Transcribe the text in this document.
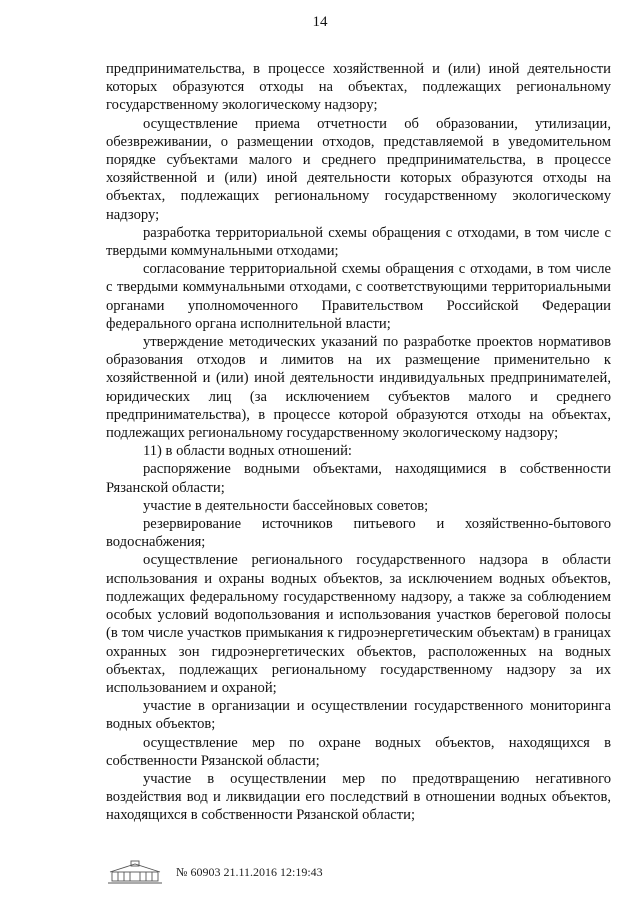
14

предпринимательства, в процессе хозяйственной и (или) иной деятельности которых образуются отходы на объектах, подлежащих региональному государственному экологическому надзору;

осуществление приема отчетности об образовании, утилизации, обезвреживании, о размещении отходов, представляемой в уведомительном порядке субъектами малого и среднего предпринимательства, в процессе хозяйственной и (или) иной деятельности которых образуются отходы на объектах, подлежащих региональному государственному экологическому надзору;

разработка территориальной схемы обращения с отходами, в том числе с твердыми коммунальными отходами;

согласование территориальной схемы обращения с отходами, в том числе с твердыми коммунальными отходами, с соответствующими территориальными органами уполномоченного Правительством Российской Федерации федерального органа исполнительной власти;

утверждение методических указаний по разработке проектов нормативов образования отходов и лимитов на их размещение применительно к хозяйственной и (или) иной деятельности индивидуальных предпринимателей, юридических лиц (за исключением субъектов малого и среднего предпринимательства), в процессе которой образуются отходы на объектах, подлежащих региональному государственному экологическому надзору;

11) в области водных отношений:

распоряжение водными объектами, находящимися в собственности Рязанской области;

участие в деятельности бассейновых советов;

резервирование источников питьевого и хозяйственно-бытового водоснабжения;

осуществление регионального государственного надзора в области использования и охраны водных объектов, за исключением водных объектов, подлежащих федеральному государственному надзору, а также за соблюдением особых условий водопользования и использования участков береговой полосы (в том числе участков примыкания к гидроэнергетическим объектам) в границах охранных зон гидроэнергетических объектов, расположенных на водных объектах, подлежащих региональному государственному надзору за их использованием и охраной;

участие в организации и осуществлении государственного мониторинга водных объектов;

осуществление мер по охране водных объектов, находящихся в собственности Рязанской области;

участие в осуществлении мер по предотвращению негативного воздействия вод и ликвидации его последствий в отношении водных объектов, находящихся в собственности Рязанской области;

№ 60903 21.11.2016 12:19:43
